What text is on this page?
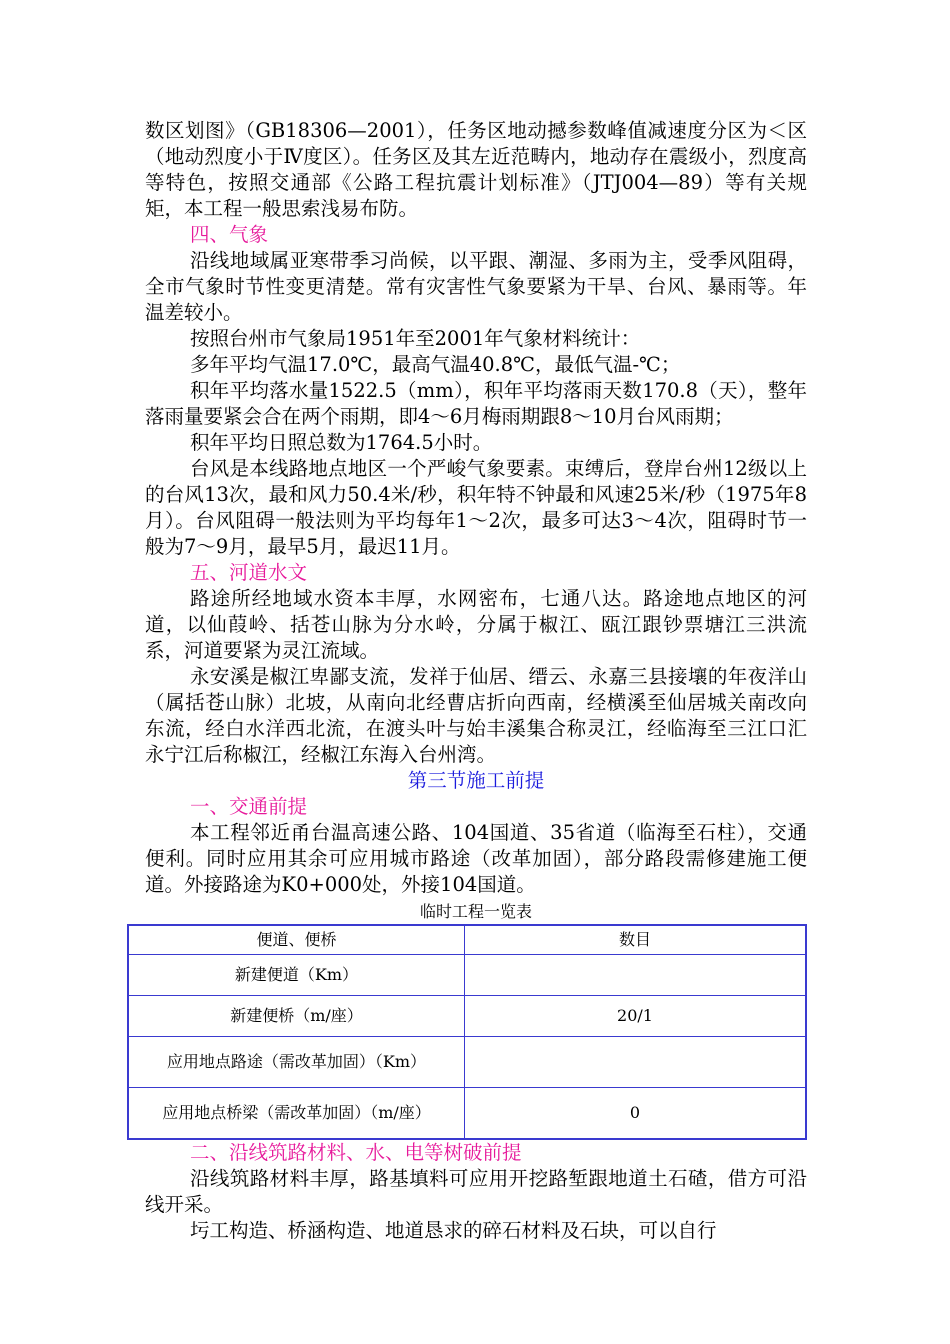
数区划图》（GB18306—2001），任务区地动撼参数峰值减速度分区为＜区（地动烈度小于Ⅳ度区）。任务区及其左近范畴内，地动存在震级小，烈度高等特色，按照交通部《公路工程抗震计划标准》（JTJ004—89）等有关规矩，本工程一般思索浅易布防。

四、气象

沿线地域属亚寒带季习尚候，以平跟、潮湿、多雨为主，受季风阻碍，全市气象时节性变更清楚。常有灾害性气象要紧为干旱、台风、暴雨等。年温差较小。

按照台州市气象局1951年至2001年气象材料统计：

多年平均气温17.0℃，最高气温40.8℃，最低气温-℃；

积年平均落水量1522.5（mm），积年平均落雨天数170.8（天），整年落雨量要紧会合在两个雨期，即4～6月梅雨期跟8～10月台风雨期；

积年平均日照总数为1764.5小时。

台风是本线路地点地区一个严峻气象要素。束缚后，登岸台州12级以上的台风13次，最和风力50.4米/秒，积年特不钟最和风速25米/秒（1975年8月）。台风阻碍一般法则为平均每年1～2次，最多可达3～4次，阻碍时节一般为7～9月，最早5月，最迟11月。

五、河道水文

路途所经地域水资本丰厚，水网密布，七通八达。路途地点地区的河道，以仙葭岭、括苍山脉为分水岭，分属于椒江、瓯江跟钞票塘江三洪流系，河道要紧为灵江流域。

永安溪是椒江卑鄙支流，发祥于仙居、缙云、永嘉三县接壤的年夜洋山（属括苍山脉）北坡，从南向北经曹店折向西南，经横溪至仙居城关南改向东流，经白水洋西北流，在渡头叶与始丰溪集合称灵江，经临海至三江口汇永宁江后称椒江，经椒江东海入台州湾。

第三节施工前提

一、交通前提

本工程邻近甬台温高速公路、104国道、35省道（临海至石柱），交通便利。同时应用其余可应用城市路途（改革加固），部分路段需修建施工便道。外接路途为K0+000处，外接104国道。

临时工程一览表

便道、便桥	数目
新建便道（Km）	
新建便桥（m/座）	20/1
应用地点路途（需改革加固）（Km）	
应用地点桥梁（需改革加固）（m/座）	0

二、沿线筑路材料、水、电等树破前提

沿线筑路材料丰厚，路基填料可应用开挖路堑跟地道土石碴，借方可沿线开采。

圬工构造、桥涵构造、地道恳求的碎石材料及石块，可以自行
